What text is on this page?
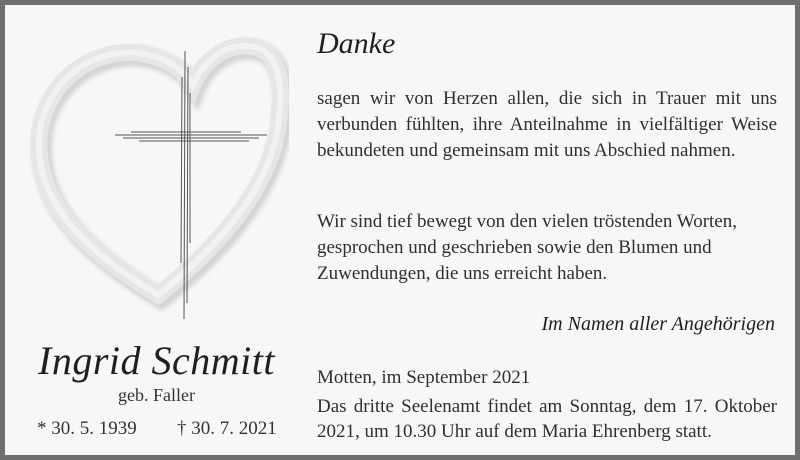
Ingrid Schmitt
geb. Faller
* 30. 5. 1939 † 30. 7. 2021
Danke
sagen wir von Herzen allen, die sich in Trauer mit uns verbunden fühlten, ihre Anteilnahme in vielfältiger Weise bekundeten und gemeinsam mit uns Abschied nahmen.
Wir sind tief bewegt von den vielen tröstenden Worten, gesprochen und geschrieben sowie den Blumen und Zuwendungen, die uns erreicht haben.
Im Namen aller Angehörigen
Motten, im September 2021
Das dritte Seelenamt findet am Sonntag, dem 17. Oktober 2021, um 10.30 Uhr auf dem Maria Ehrenberg statt.
